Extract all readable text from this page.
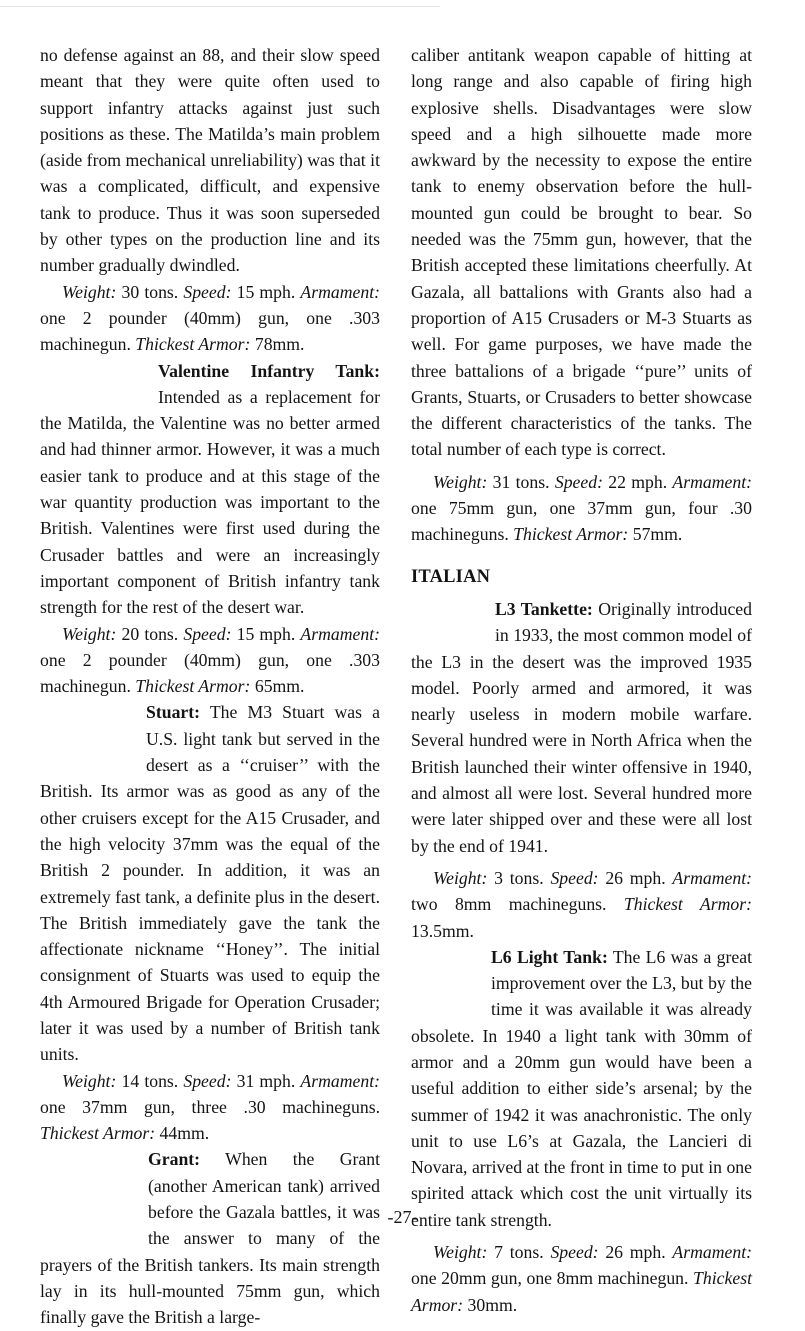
no defense against an 88, and their slow speed meant that they were quite often used to support infantry attacks against just such positions as these. The Matilda’s main problem (aside from mechanical unreliability) was that it was a complicated, difficult, and expensive tank to produce. Thus it was soon superseded by other types on the production line and its number gradually dwindled.

Weight: 30 tons. Speed: 15 mph. Armament: one 2 pounder (40mm) gun, one .303 machinegun. Thickest Armor: 78mm.

Valentine Infantry Tank: Intended as a replacement for the Matilda, the Valentine was no better armed and had thinner armor. However, it was a much easier tank to produce and at this stage of the war quantity production was important to the British. Valentines were first used during the Crusader battles and were an increasingly important component of British infantry tank strength for the rest of the desert war.

Weight: 20 tons. Speed: 15 mph. Armament: one 2 pounder (40mm) gun, one .303 machinegun. Thickest Armor: 65mm.

Stuart: The M3 Stuart was a U.S. light tank but served in the desert as a ‘‘cruiser’’ with the British. Its armor was as good as any of the other cruisers except for the A15 Crusader, and the high velocity 37mm was the equal of the British 2 pounder. In addition, it was an extremely fast tank, a definite plus in the desert. The British immediately gave the tank the affectionate nickname ‘‘Honey’’. The initial consignment of Stuarts was used to equip the 4th Armoured Brigade for Operation Crusader; later it was used by a number of British tank units.

Weight: 14 tons. Speed: 31 mph. Armament: one 37mm gun, three .30 machineguns. Thickest Armor: 44mm.

Grant: When the Grant (another American tank) arrived before the Gazala battles, it was the answer to many of the prayers of the British tankers. Its main strength lay in its hull-mounted 75mm gun, which finally gave the British a large-

caliber antitank weapon capable of hitting at long range and also capable of firing high explosive shells. Disadvantages were slow speed and a high silhouette made more awkward by the necessity to expose the entire tank to enemy observation before the hull-mounted gun could be brought to bear. So needed was the 75mm gun, however, that the British accepted these limitations cheerfully. At Gazala, all battalions with Grants also had a proportion of A15 Crusaders or M-3 Stuarts as well. For game purposes, we have made the three battalions of a brigade ‘‘pure’’ units of Grants, Stuarts, or Crusaders to better showcase the different characteristics of the tanks. The total number of each type is correct.

Weight: 31 tons. Speed: 22 mph. Armament: one 75mm gun, one 37mm gun, four .30 machineguns. Thickest Armor: 57mm.

ITALIAN

L3 Tankette: Originally introduced in 1933, the most common model of the L3 in the desert was the improved 1935 model. Poorly armed and armored, it was nearly useless in modern mobile warfare. Several hundred were in North Africa when the British launched their winter offensive in 1940, and almost all were lost. Several hundred more were later shipped over and these were all lost by the end of 1941.

Weight: 3 tons. Speed: 26 mph. Armament: two 8mm machineguns. Thickest Armor: 13.5mm.

L6 Light Tank: The L6 was a great improvement over the L3, but by the time it was available it was already obsolete. In 1940 a light tank with 30mm of armor and a 20mm gun would have been a useful addition to either side’s arsenal; by the summer of 1942 it was anachronistic. The only unit to use L6’s at Gazala, the Lancieri di Novara, arrived at the front in time to put in one spirited attack which cost the unit virtually its entire tank strength.

Weight: 7 tons. Speed: 26 mph. Armament: one 20mm gun, one 8mm machinegun. Thickest Armor: 30mm.

-27-
